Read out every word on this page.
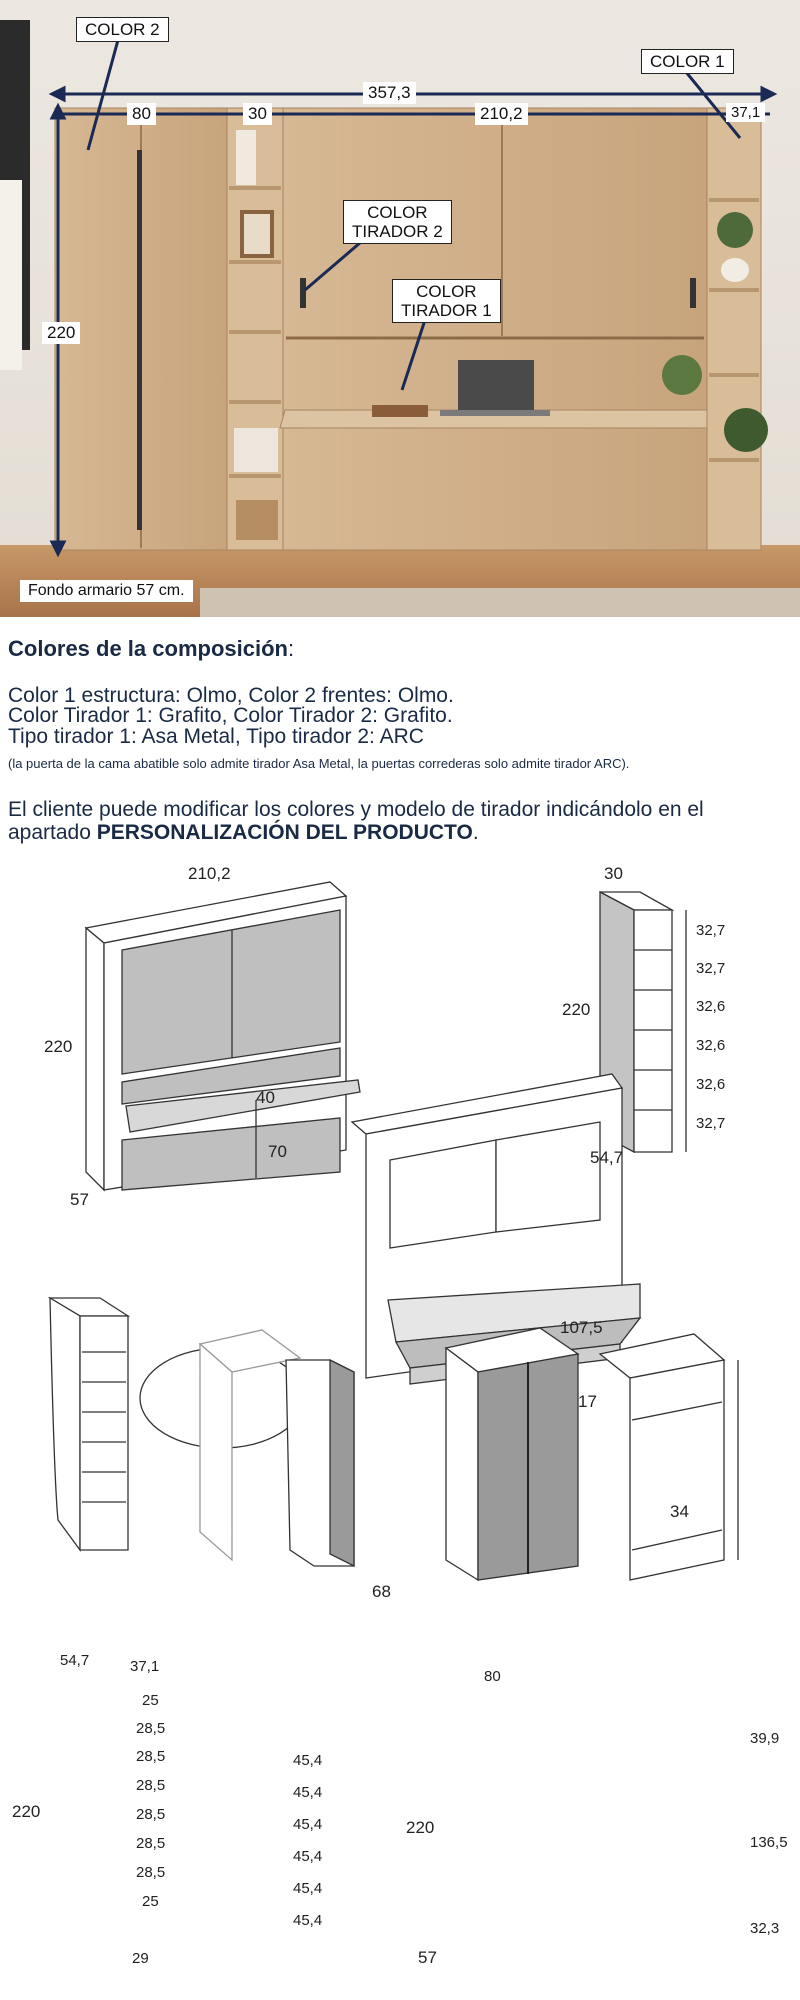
COLOR 2
COLOR 1
COLOR
TIRADOR 2
COLOR
TIRADOR 1
357,3
80	30	210,2	37,1
220
Fondo armario 57 cm.
Colores de la composición:
Color 1 estructura: Olmo, Color 2 frentes: Olmo.
Color Tirador 1: Grafito, Color Tirador 2: Grafito.
Tipo tirador 1: Asa Metal, Tipo tirador 2: ARC
(la puerta de la cama abatible solo admite tirador Asa Metal, la puertas correderas solo admite tirador ARC).
El cliente puede modificar los colores y modelo de tirador indicándolo en el
apartado PERSONALIZACIÓN DEL PRODUCTO.
210,2
220
57
40
70
30
220
54,7
32,7
32,7
32,6
32,6
32,6
32,7
107,5
17
34
68
54,7	37,1
220
29
25
28,5
28,5
28,5
28,5
28,5
28,5
25
45,4
45,4
45,4
45,4
45,4
45,4
80
220
57
39,9
136,5
32,3
